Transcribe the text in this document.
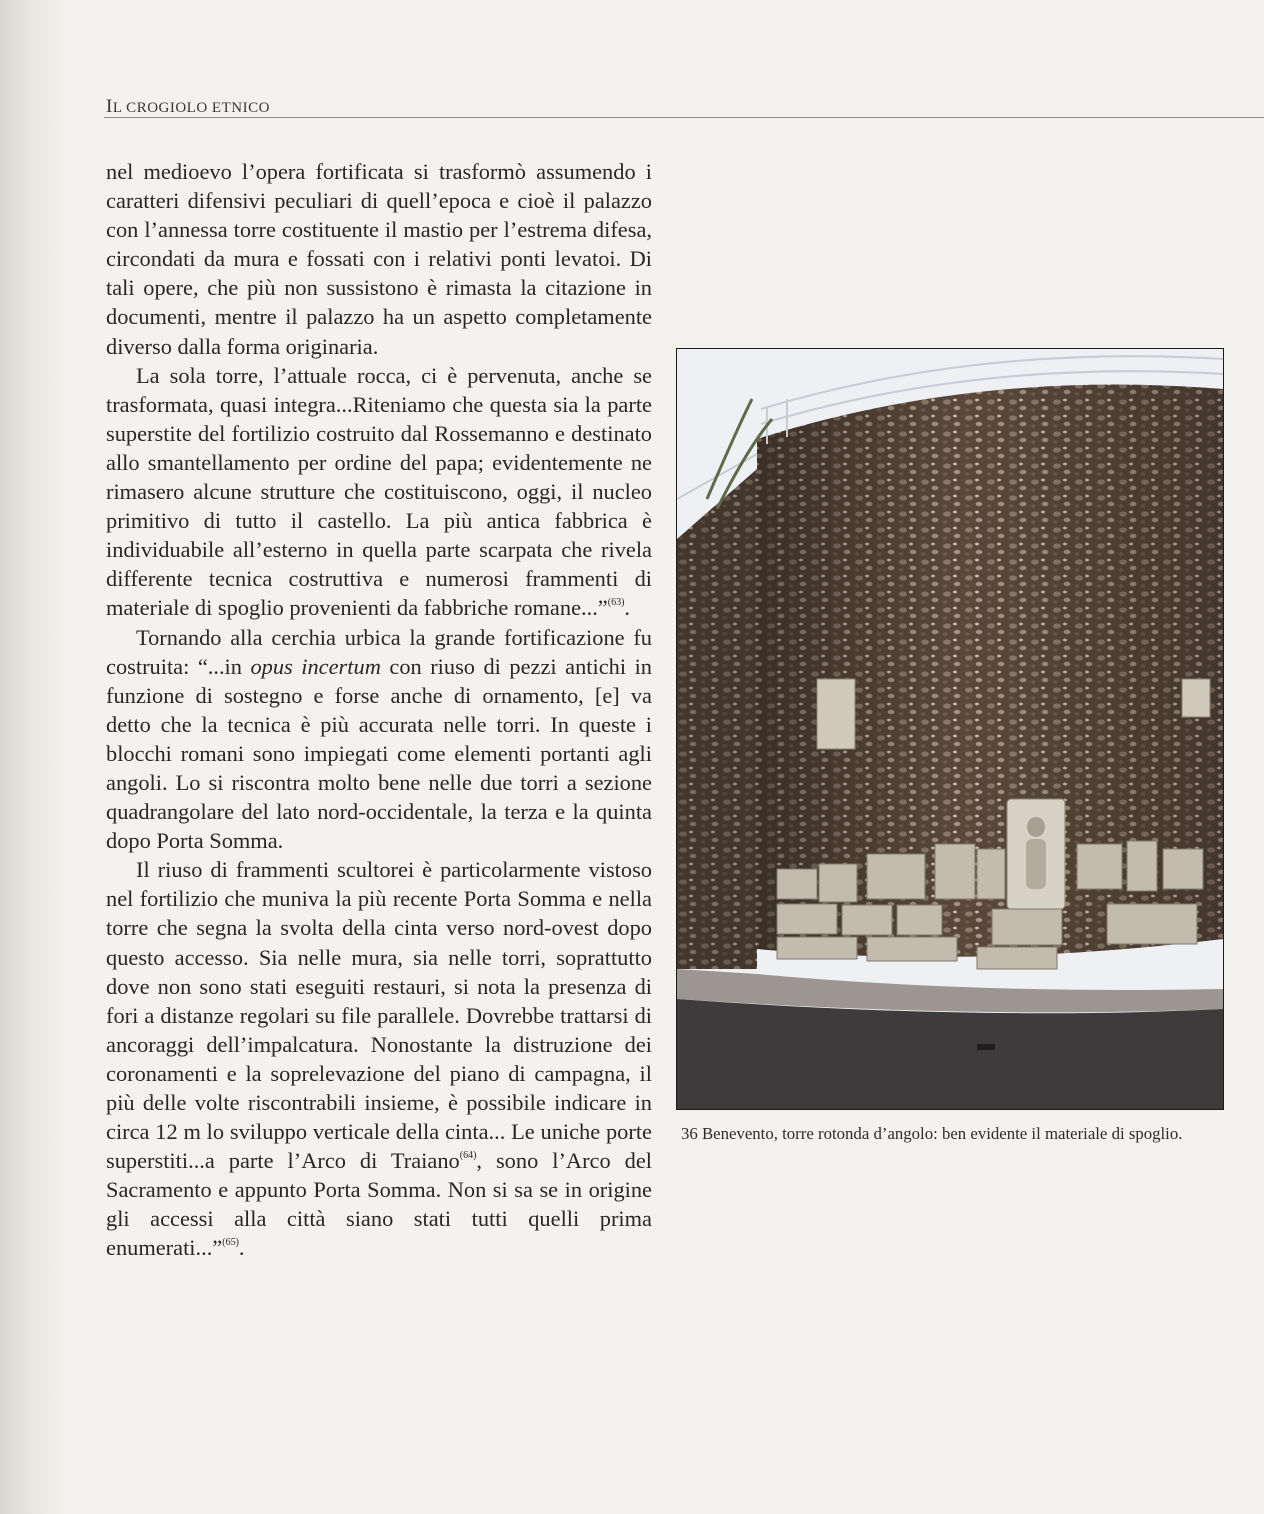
IL CROGIOLO ETNICO

nel medioevo l’opera fortificata si trasformò assumendo i caratteri difensivi peculiari di quell’epoca e cioè il palazzo con l’annessa torre costituente il mastio per l’estrema difesa, circondati da mura e fossati con i relativi ponti levatoi. Di tali opere, che più non sussistono è rimasta la citazione in documenti, mentre il palazzo ha un aspetto completamente diverso dalla forma originaria.

La sola torre, l’attuale rocca, ci è pervenuta, anche se trasformata, quasi integra...Riteniamo che questa sia la parte superstite del fortilizio costruito dal Rossemanno e destinato allo smantellamento per ordine del papa; evidentemente ne rimasero alcune strutture che costituiscono, oggi, il nucleo primitivo di tutto il castello. La più antica fabbrica è individuabile all’esterno in quella parte scarpata che rivela differente tecnica costruttiva e numerosi frammenti di materiale di spoglio provenienti da fabbriche romane...”$^{(63)}$.

Tornando alla cerchia urbica la grande fortificazione fu costruita: “...in opus incertum con riuso di pezzi antichi in funzione di sostegno e forse anche di ornamento, [e] va detto che la tecnica è più accurata nelle torri. In queste i blocchi romani sono impiegati come elementi portanti agli angoli. Lo si riscontra molto bene nelle due torri a sezione quadrangolare del lato nord-occidentale, la terza e la quinta dopo Porta Somma.

Il riuso di frammenti scultorei è particolarmente vistoso nel fortilizio che muniva la più recente Porta Somma e nella torre che segna la svolta della cinta verso nord-ovest dopo questo accesso. Sia nelle mura, sia nelle torri, soprattutto dove non sono stati eseguiti restauri, si nota la presenza di fori a distanze regolari su file parallele. Dovrebbe trattarsi di ancoraggi dell’impalcatura. Nonostante la distruzione dei coronamenti e la soprelevazione del piano di campagna, il più delle volte riscontrabili insieme, è possibile indicare in circa 12 m lo sviluppo verticale della cinta... Le uniche porte superstiti...a parte l’Arco di Traiano$^{(64)}$, sono l’Arco del Sacramento e appunto Porta Somma. Non si sa se in origine gli accessi alla città siano stati tutti quelli prima enumerati...”$^{(65)}$.

36 Benevento, torre rotonda d’angolo: ben evidente il materiale di spoglio.
